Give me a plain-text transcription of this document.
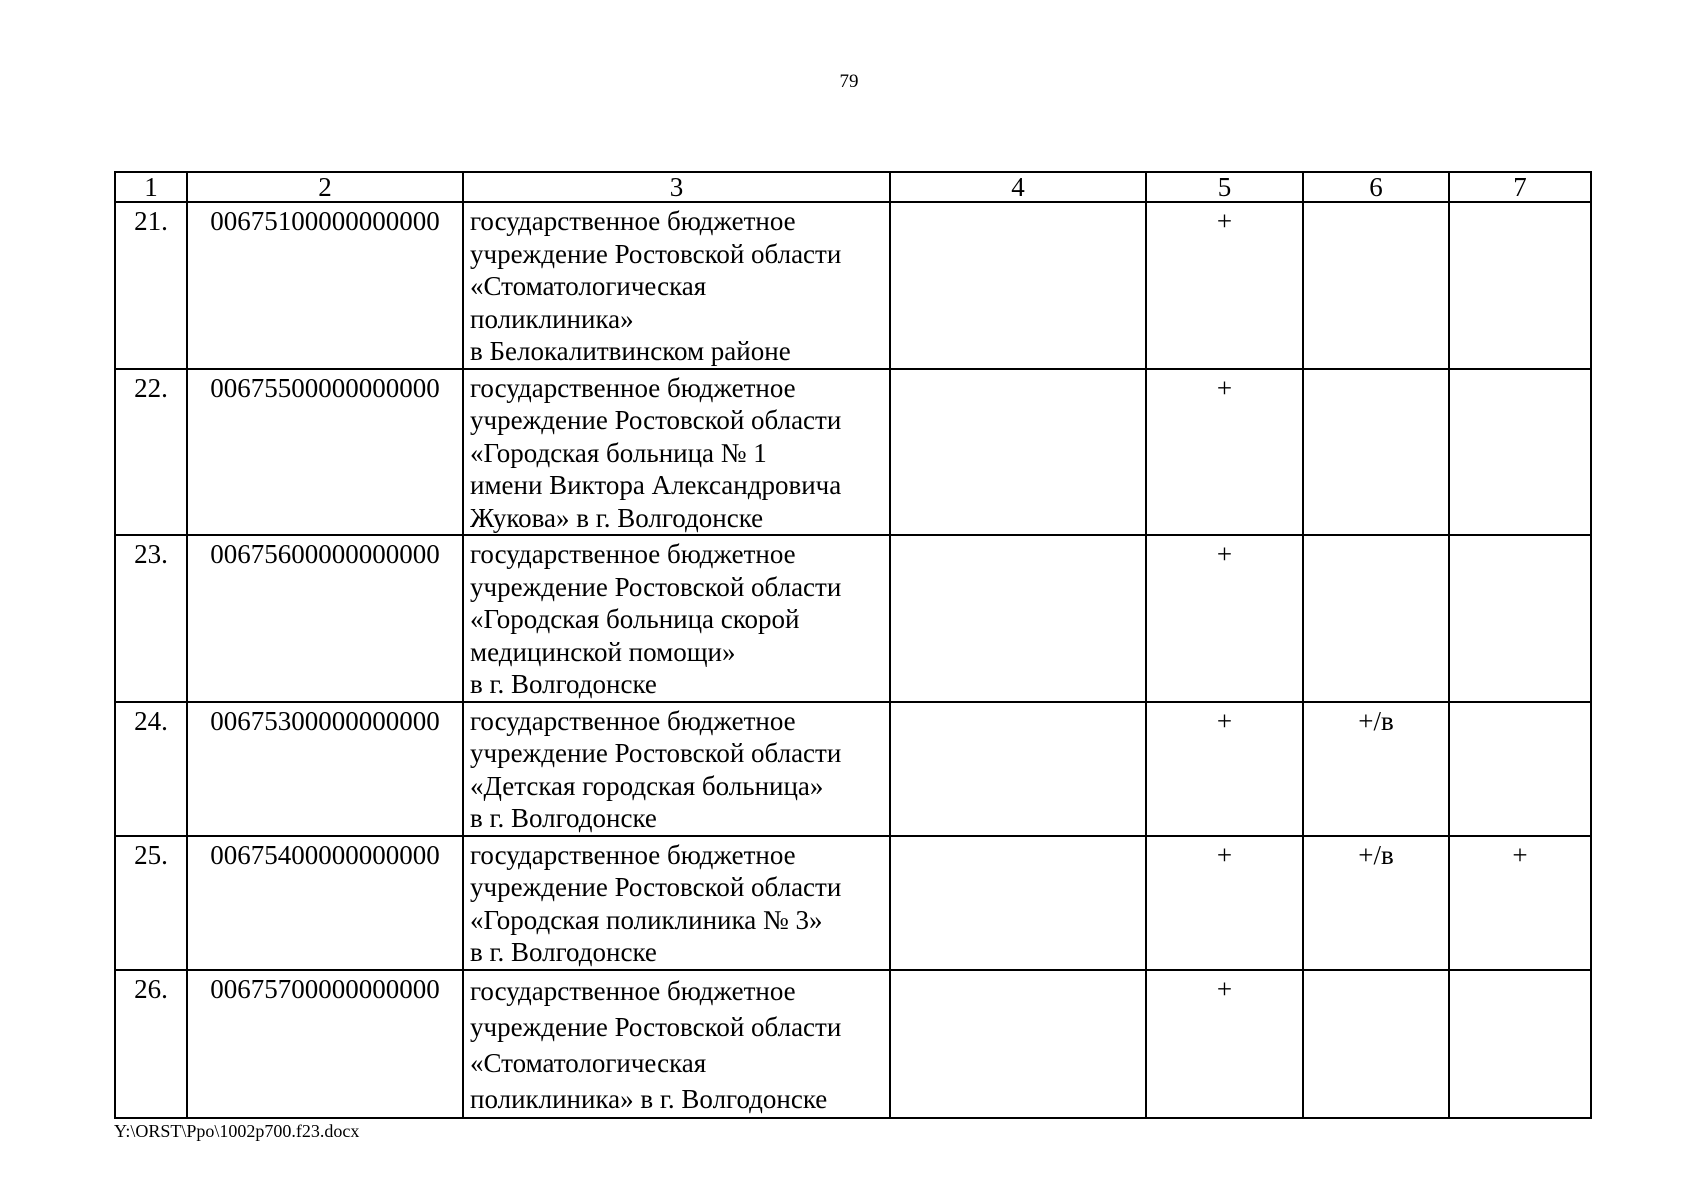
79
1	2	3	4	5	6	7
21.	00675100000000000	государственное бюджетное
учреждение Ростовской области
«Стоматологическая
поликлиника»
в Белокалитвинском районе		+		
22.	00675500000000000	государственное бюджетное
учреждение Ростовской области
«Городская больница № 1
имени Виктора Александровича
Жукова» в г. Волгодонске		+		
23.	00675600000000000	государственное бюджетное
учреждение Ростовской области
«Городская больница скорой
медицинской помощи»
в г. Волгодонске		+		
24.	00675300000000000	государственное бюджетное
учреждение Ростовской области
«Детская городская больница»
в г. Волгодонске		+	+/в	
25.	00675400000000000	государственное бюджетное
учреждение Ростовской области
«Городская поликлиника № 3»
в г. Волгодонске		+	+/в	+
26.	00675700000000000	государственное бюджетное
учреждение Ростовской области
«Стоматологическая
поликлиника» в г. Волгодонске		+		
Y:\ORST\Ppo\1002p700.f23.docx
